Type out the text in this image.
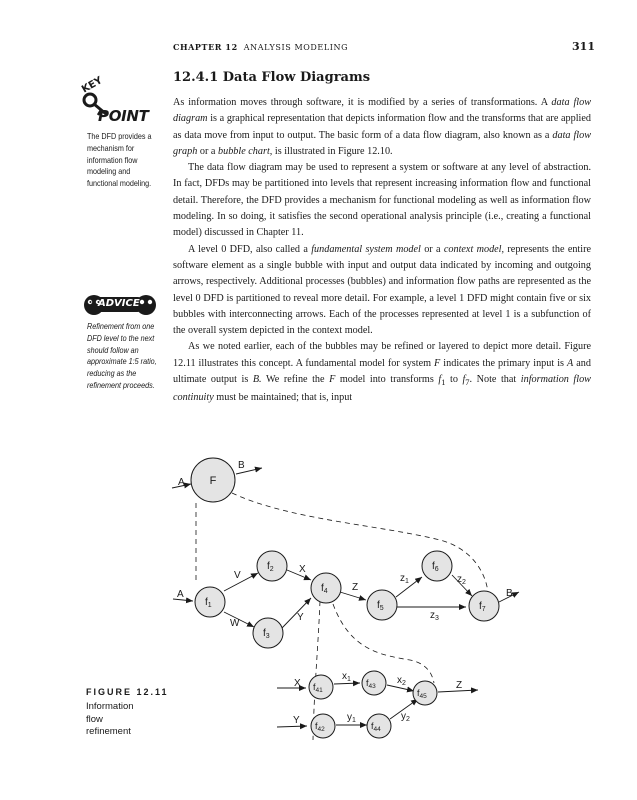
CHAPTER 12 ANALYSIS MODELING	311
12.4.1 Data Flow Diagrams
KEY
POINT
The DFD provides a mechanism for information flow modeling and functional modeling.
ADVICE
Refinement from one DFD level to the next should follow an approximate 1:5 ratio, reducing as the refinement proceeds.

As information moves through software, it is modified by a series of transformations. A data flow diagram is a graphical representation that depicts information flow and the transforms that are applied as data move from input to output. The basic form of a data flow diagram, also known as a data flow graph or a bubble chart, is illustrated in Figure 12.10.

The data flow diagram may be used to represent a system or software at any level of abstraction. In fact, DFDs may be partitioned into levels that represent increasing information flow and functional detail. Therefore, the DFD provides a mechanism for functional modeling as well as information flow modeling. In so doing, it satisfies the second operational analysis principle (i.e., creating a functional model) discussed in Chapter 11.

A level 0 DFD, also called a fundamental system model or a context model, represents the entire software element as a single bubble with input and output data indicated by incoming and outgoing arrows, respectively. Additional processes (bubbles) and information flow paths are represented as the level 0 DFD is partitioned to reveal more detail. For example, a level 1 DFD might contain five or six bubbles with interconnecting arrows. Each of the processes represented at level 1 is a subfunction of the overall system depicted in the context model.

As we noted earlier, each of the bubbles may be refined or layered to depict more detail. Figure 12.11 illustrates this concept. A fundamental model for system F indicates the primary input is A and ultimate output is B. We refine the F model into transforms $f_1$ to $f_7$. Note that information flow continuity must be maintained; that is, input

FIGURE 12.11
Information flow refinement
F
$f_1$
$f_2$
$f_3$
$f_4$
$f_5$
$f_6$
$f_7$
$f_{41}$
$f_{43}$
$f_{45}$
$f_{42}$	$f_{44}$
A
B
A
V
W
X
Y
Z
$z_1$	$z_2$
$z_3$
B
X
Y
$x_1$	$x_2$
$y_1$	$y_2$
Z
